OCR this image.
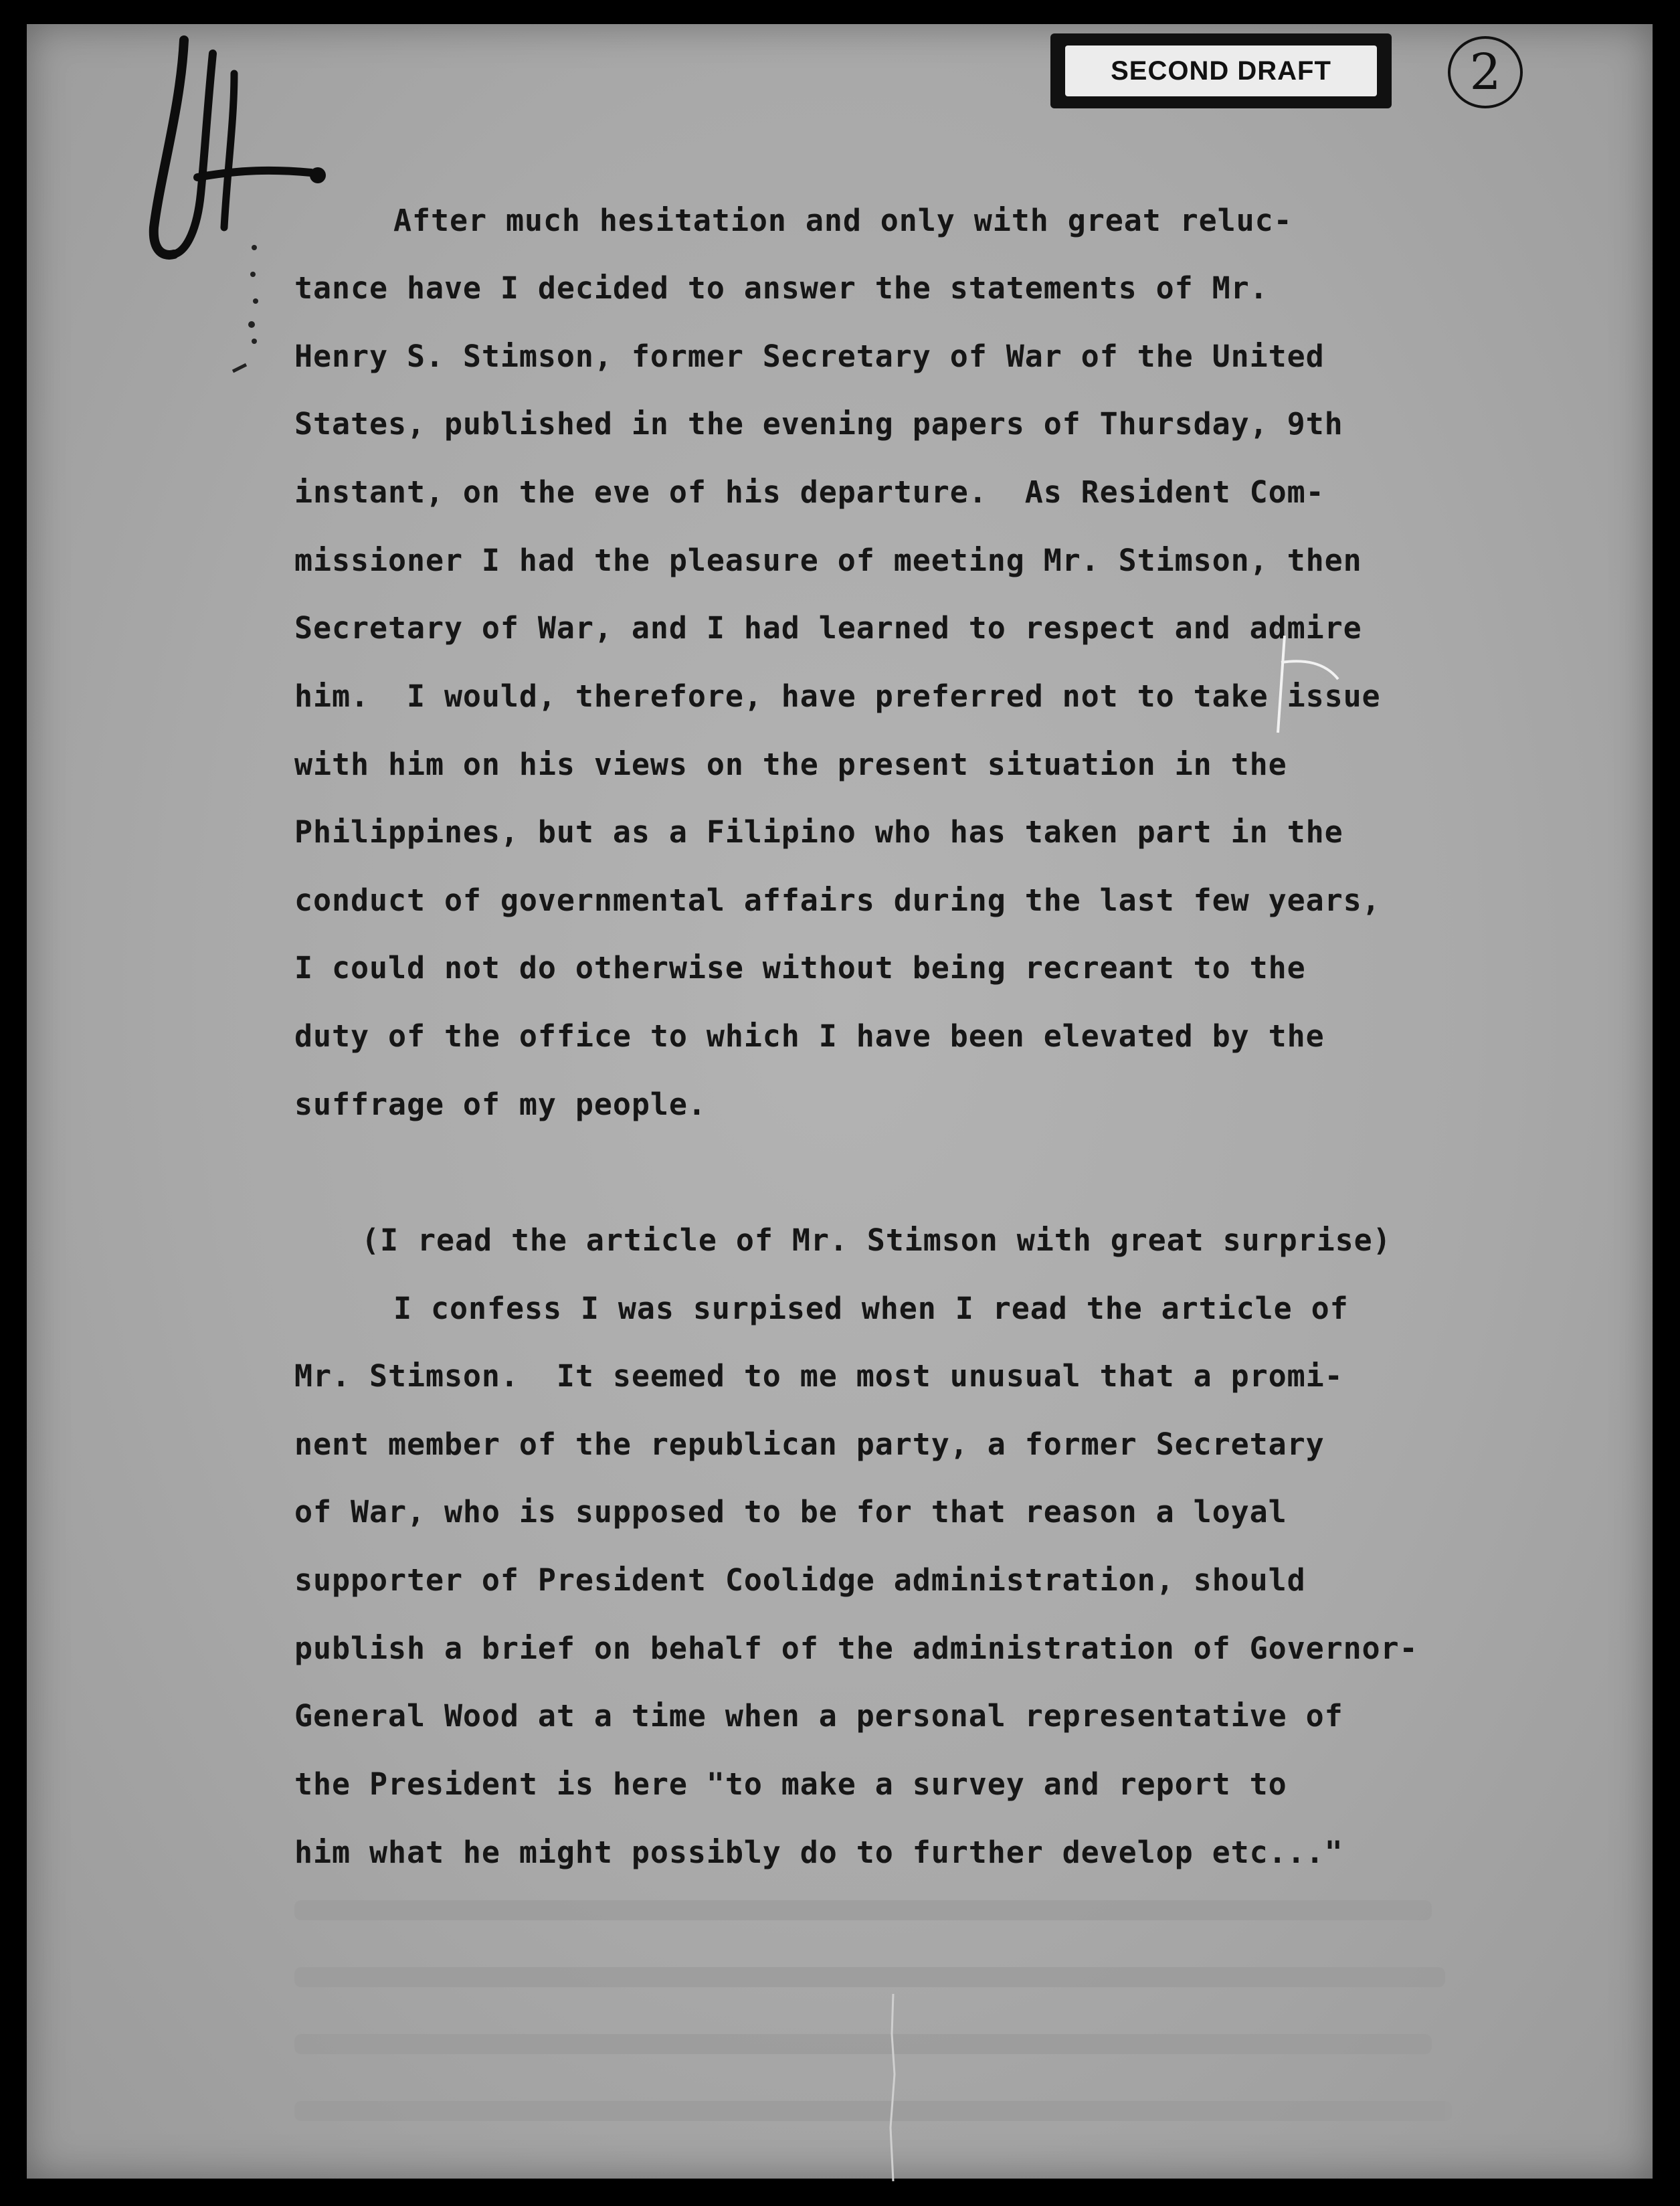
SECOND DRAFT	2
After much hesitation and only with great reluc-
tance have I decided to answer the statements of Mr.
Henry S. Stimson, former Secretary of War of the United
States, published in the evening papers of Thursday, 9th
instant, on the eve of his departure.  As Resident Com-
missioner I had the pleasure of meeting Mr. Stimson, then
Secretary of War, and I had learned to respect and admire
him.  I would, therefore, have preferred not to take issue
with him on his views on the present situation in the
Philippines, but as a Filipino who has taken part in the
conduct of governmental affairs during the last few years,
I could not do otherwise without being recreant to the
duty of the office to which I have been elevated by the
suffrage of my people.
(I read the article of Mr. Stimson with great surprise)
I confess I was surpised when I read the article of
Mr. Stimson.  It seemed to me most unusual that a promi-
nent member of the republican party, a former Secretary
of War, who is supposed to be for that reason a loyal
supporter of President Coolidge administration, should
publish a brief on behalf of the administration of Governor-
General Wood at a time when a personal representative of
the President is here "to make a survey and report to
him what he might possibly do to further develop etc..."
